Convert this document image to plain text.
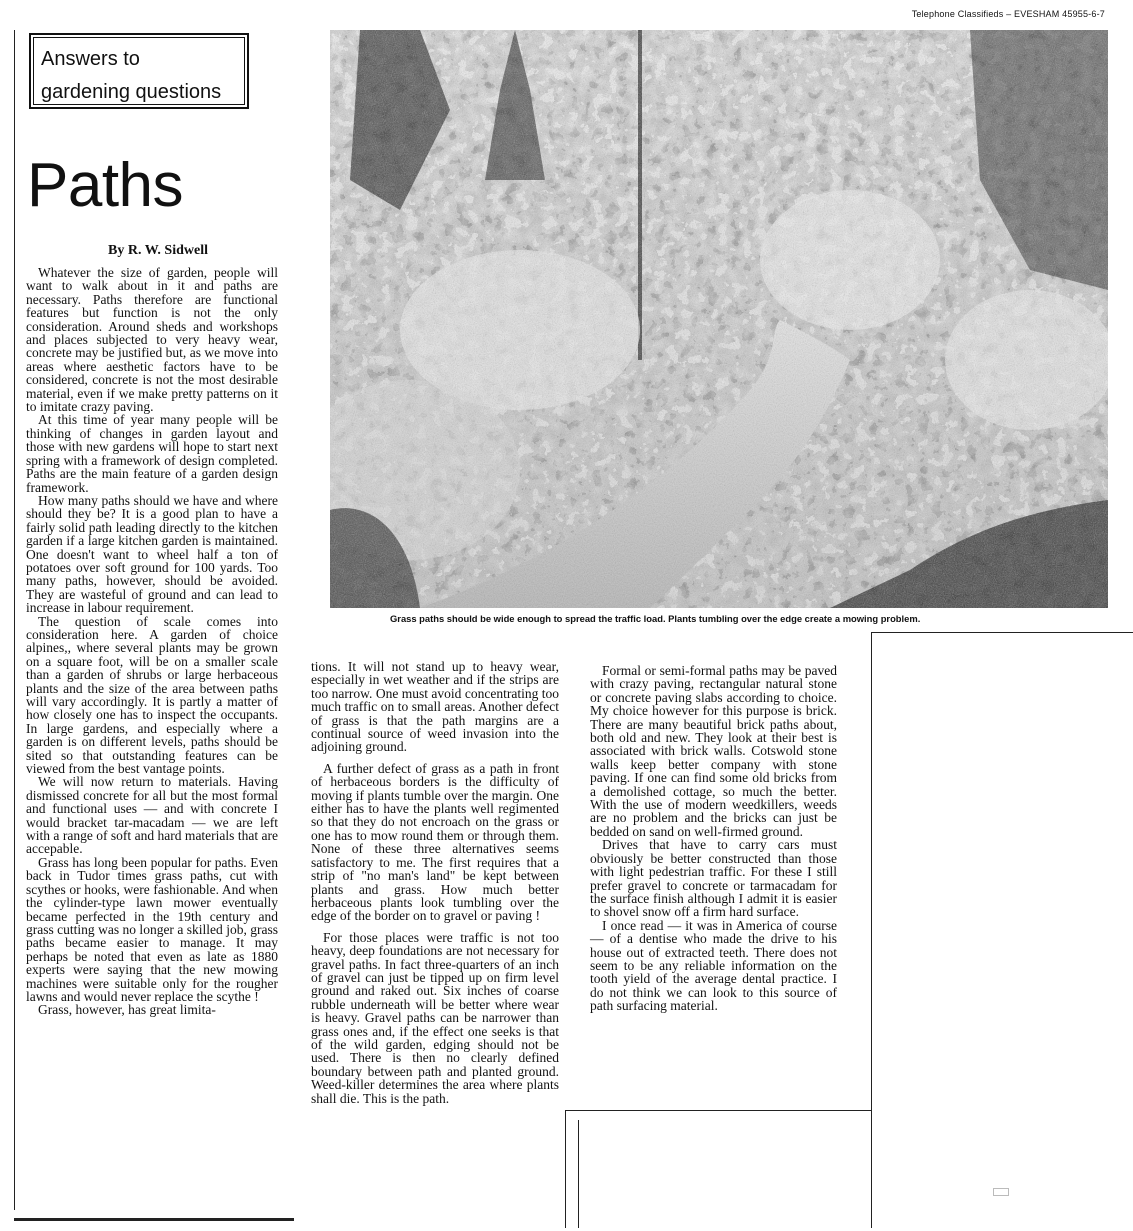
Telephone Classifieds – EVESHAM 45955-6-7
Answers to
gardening questions
Paths
By R. W. Sidwell

Whatever the size of garden, people will want to walk about in it and paths are necessary. Paths therefore are functional features but function is not the only consideration. Around sheds and workshops and places subjected to very heavy wear, concrete may be justified but, as we move into areas where aesthetic factors have to be considered, concrete is not the most desirable material, even if we make pretty patterns on it to imitate crazy paving.

At this time of year many people will be thinking of changes in garden layout and those with new gardens will hope to start next spring with a framework of design completed. Paths are the main feature of a garden design framework.

How many paths should we have and where should they be? It is a good plan to have a fairly solid path leading directly to the kitchen garden if a large kitchen garden is maintained. One doesn't want to wheel half a ton of potatoes over soft ground for 100 yards. Too many paths, however, should be avoided. They are wasteful of ground and can lead to increase in labour requirement.

The question of scale comes into consideration here. A garden of choice alpines,, where several plants may be grown on a square foot, will be on a smaller scale than a garden of shrubs or large herbaceous plants and the size of the area between paths will vary accordingly. It is partly a matter of how closely one has to inspect the occupants. In large gardens, and especially where a garden is on different levels, paths should be sited so that outstanding features can be viewed from the best vantage points.

We will now return to materials. Having dismissed concrete for all but the most formal and functional uses — and with concrete I would bracket tar-macadam — we are left with a range of soft and hard materials that are accepable.

Grass has long been popular for paths. Even back in Tudor times grass paths, cut with scythes or hooks, were fashionable. And when the cylinder-type lawn mower eventually became perfected in the 19th century and grass cutting was no longer a skilled job, grass paths became easier to manage. It may perhaps be noted that even as late as 1880 experts were saying that the new mowing machines were suitable only for the rougher lawns and would never replace the scythe !

Grass, however, has great limita-

Grass paths should be wide enough to spread the traffic load. Plants tumbling over the edge create a mowing problem.

tions. It will not stand up to heavy wear, especially in wet weather and if the strips are too narrow. One must avoid concentrating too much traffic on to small areas. Another defect of grass is that the path margins are a continual source of weed invasion into the adjoining ground.

A further defect of grass as a path in front of herbaceous borders is the difficulty of moving if plants tumble over the margin. One either has to have the plants well regimented so that they do not encroach on the grass or one has to mow round them or through them. None of these three alternatives seems satisfactory to me. The first requires that a strip of "no man's land" be kept between plants and grass. How much better herbaceous plants look tumbling over the edge of the border on to gravel or paving !

For those places were traffic is not too heavy, deep foundations are not necessary for gravel paths. In fact three-quarters of an inch of gravel can just be tipped up on firm level ground and raked out. Six inches of coarse rubble underneath will be better where wear is heavy. Gravel paths can be narrower than grass ones and, if the effect one seeks is that of the wild garden, edging should not be used. There is then no clearly defined boundary between path and planted ground. Weed-killer determines the area where plants shall die. This is the path.

Formal or semi-formal paths may be paved with crazy paving, rectangular natural stone or concrete paving slabs according to choice. My choice however for this purpose is brick. There are many beautiful brick paths about, both old and new. They look at their best is associated with brick walls. Cotswold stone walls keep better company with stone paving. If one can find some old bricks from a demolished cottage, so much the better. With the use of modern weedkillers, weeds are no problem and the bricks can just be bedded on sand on well-firmed ground.

Drives that have to carry cars must obviously be better constructed than those with light pedestrian traffic. For these I still prefer gravel to concrete or tarmacadam for the surface finish although I admit it is easier to shovel snow off a firm hard surface.

I once read — it was in America of course — of a dentise who made the drive to his house out of extracted teeth. There does not seem to be any reliable information on the tooth yield of the average dental practice. I do not think we can look to this source of path surfacing material.
